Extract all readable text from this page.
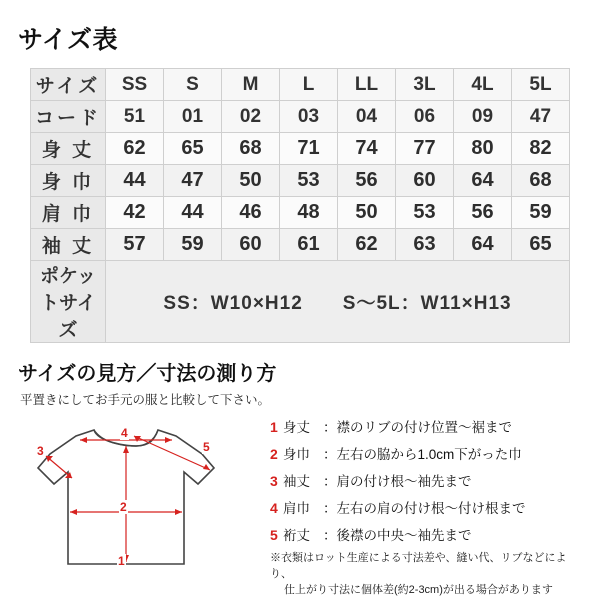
サイズ表
サイズ	SS	S	M	L	LL	3L	4L	5L
コード	51	01	02	03	04	06	09	47
身 丈	62	65	68	71	74	77	80	82
身 巾	44	47	50	53	56	60	64	68
肩 巾	42	44	46	48	50	53	56	59
袖 丈	57	59	60	61	62	63	64	65
ポケットサイズ	SS：W10×H12　　S〜5L：W11×H13							
サイズの見方／寸法の測り方
平置きにしてお手元の服と比較して下さい。
1
2
3
4
5
1 身丈 ： 襟のリブの付け位置〜裾まで
2 身巾 ： 左右の脇から1.0cm下がった巾
3 袖丈 ： 肩の付け根〜袖先まで
4 肩巾 ： 左右の肩の付け根〜付け根まで
5 裄丈 ： 後襟の中央〜袖先まで
※衣類はロット生産による寸法差や、縫い代、リブなどにより、
仕上がり寸法に個体差(約2-3cm)が出る場合があります
